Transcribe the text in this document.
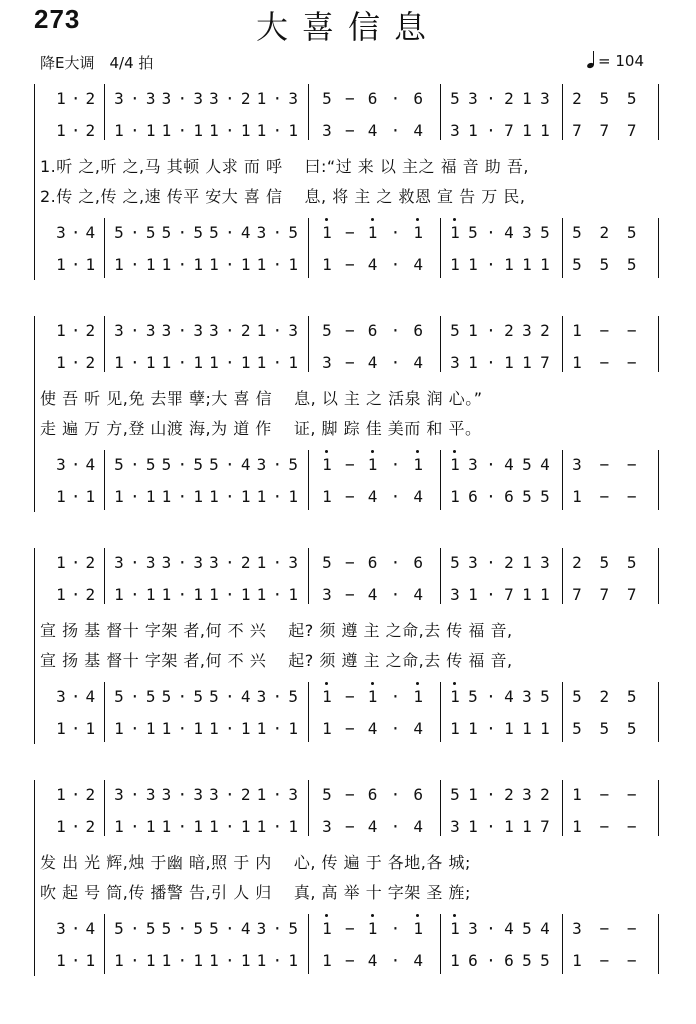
273	大喜信息
降E大调　4/4 拍	= 104
1 · 2 3 · 3 3 · 3 3 · 2 1 · 3 5 − 6 · 6 5 3 · 2 1 3 2 5 5
1 · 2 1 · 1 1 · 1 1 · 1 1 · 1 3 − 4 · 4 3 1 · 7 1 1 7 7 7
3 · 4 5 · 5 5 · 5 5 · 4 3 · 5 1 − 1 · 1 1 5 · 4 3 5 5 2 5
1 · 1 1 · 1 1 · 1 1 · 1 1 · 1 1 − 4 · 4 1 1 · 1 1 1 5 5 5
1.听 之,听 之,马 其顿 人求 而 呼　 曰:“过 来 以 主之 福 音 助 吾,
2.传 之,传 之,速 传平 安大 喜 信　 息, 将 主 之 救恩 宣 告 万 民,
1 · 2 3 · 3 3 · 3 3 · 2 1 · 3 5 − 6 · 6 5 1 · 2 3 2 1 − −
1 · 2 1 · 1 1 · 1 1 · 1 1 · 1 3 − 4 · 4 3 1 · 1 1 7 1 − −
3 · 4 5 · 5 5 · 5 5 · 4 3 · 5 1 − 1 · 1 1 3 · 4 5 4 3 − −
1 · 1 1 · 1 1 · 1 1 · 1 1 · 1 1 − 4 · 4 1 6 · 6 5 5 1 − −
使 吾 听 见,免 去罪 孽;大 喜 信　 息, 以 主 之 活泉 润 心。”
走 遍 万 方,登 山渡 海,为 道 作　 证, 脚 踪 佳 美而 和 平。
1 · 2 3 · 3 3 · 3 3 · 2 1 · 3 5 − 6 · 6 5 3 · 2 1 3 2 5 5
1 · 2 1 · 1 1 · 1 1 · 1 1 · 1 3 − 4 · 4 3 1 · 7 1 1 7 7 7
3 · 4 5 · 5 5 · 5 5 · 4 3 · 5 1 − 1 · 1 1 5 · 4 3 5 5 2 5
1 · 1 1 · 1 1 · 1 1 · 1 1 · 1 1 − 4 · 4 1 1 · 1 1 1 5 5 5
宣 扬 基 督十 字架 者,何 不 兴　 起? 须 遵 主 之命,去 传 福 音,
宣 扬 基 督十 字架 者,何 不 兴　 起? 须 遵 主 之命,去 传 福 音,
1 · 2 3 · 3 3 · 3 3 · 2 1 · 3 5 − 6 · 6 5 1 · 2 3 2 1 − −
1 · 2 1 · 1 1 · 1 1 · 1 1 · 1 3 − 4 · 4 3 1 · 1 1 7 1 − −
3 · 4 5 · 5 5 · 5 5 · 4 3 · 5 1 − 1 · 1 1 3 · 4 5 4 3 − −
1 · 1 1 · 1 1 · 1 1 · 1 1 · 1 1 − 4 · 4 1 6 · 6 5 5 1 − −
发 出 光 辉,烛 于幽 暗,照 于 内　 心, 传 遍 于 各地,各 城;
吹 起 号 筒,传 播警 告,引 人 归　 真, 高 举 十 字架 圣 旌;
